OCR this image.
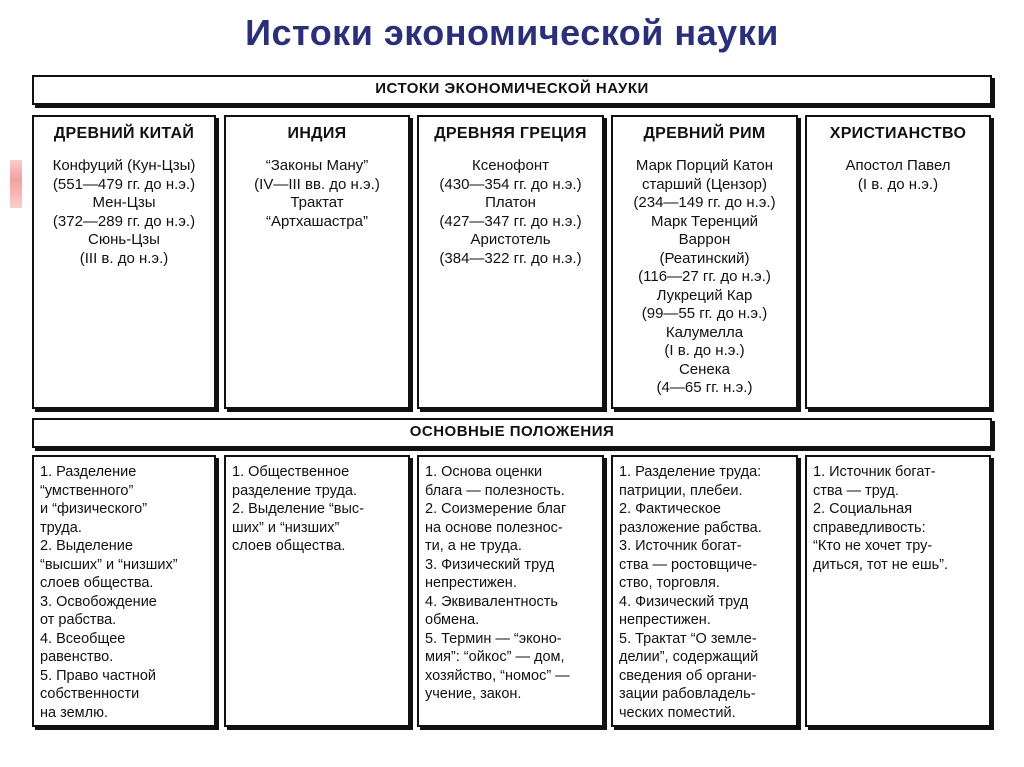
Истоки экономической науки
ИСТОКИ ЭКОНОМИЧЕСКОЙ НАУКИ
ДРЕВНИЙ КИТАЙ
Конфуций (Кун-Цзы)
(551—479 гг. до н.э.)
Мен-Цзы
(372—289 гг. до н.э.)
Сюнь-Цзы
(III в. до н.э.)
ИНДИЯ
“Законы Ману”
(IV—III вв. до н.э.)
Трактат
“Артхашастра”
ДРЕВНЯЯ ГРЕЦИЯ
Ксенофонт
(430—354 гг. до н.э.)
Платон
(427—347 гг. до н.э.)
Аристотель
(384—322 гг. до н.э.)
ДРЕВНИЙ РИМ
Марк Порций Катон
старший (Цензор)
(234—149 гг. до н.э.)
Марк Теренций
Варрон
(Реатинский)
(116—27 гг. до н.э.)
Лукреций Кар
(99—55 гг. до н.э.)
Калумелла
(I в. до н.э.)
Сенека
(4—65 гг. н.э.)
ХРИСТИАНСТВО
Апостол Павел
(I в. до н.э.)
ОСНОВНЫЕ ПОЛОЖЕНИЯ
1. Разделение
“умственного”
и “физического”
труда.
2. Выделение
“высших” и “низших”
слоев общества.
3. Освобождение
от рабства.
4. Всеобщее
равенство.
5. Право частной
собственности
на землю.
1. Общественное
разделение труда.
2. Выделение “выс-
ших” и “низших”
слоев общества.
1. Основа оценки
блага — полезность.
2. Соизмерение благ
на основе полезнос-
ти, а не труда.
3. Физический труд
непрестижен.
4. Эквивалентность
обмена.
5. Термин — “эконо-
мия”: “ойкос” — дом,
хозяйство, “номос” —
учение, закон.
1. Разделение труда:
патриции, плебеи.
2. Фактическое
разложение рабства.
3. Источник богат-
ства — ростовщиче-
ство, торговля.
4. Физический труд
непрестижен.
5. Трактат “О земле-
делии”, содержащий
сведения об органи-
зации рабовладель-
ческих поместий.
1. Источник богат-
ства — труд.
2. Социальная
справедливость:
“Кто не хочет тру-
диться, тот не ешь”.
